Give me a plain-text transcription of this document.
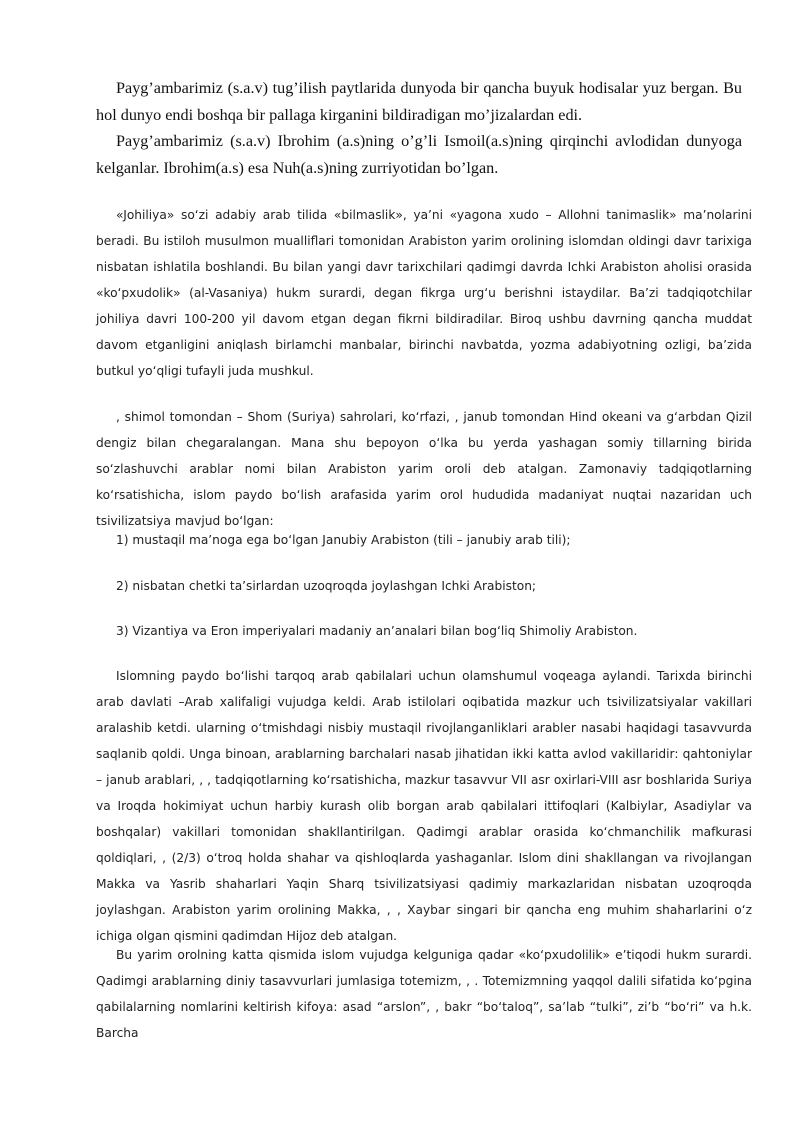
Payg’ambarimiz (s.a.v) tug’ilish paytlarida dunyoda bir qancha buyuk hodisalar yuz bergan. Bu hol dunyo endi boshqa bir pallaga kirganini bildiradigan mo’jizalardan edi.

Payg’ambarimiz (s.a.v) Ibrohim (a.s)ning o’g’li Ismoil(a.s)ning qirqinchi avlodidan dunyoga kelganlar. Ibrohim(a.s) esa Nuh(a.s)ning zurriyotidan bo’lgan.

«Johiliya» so‘zi adabiy arab tilida «bilmaslik», ya’ni «yagona xudo – Allohni tanimaslik» ma’nolarini beradi. Bu istiloh musulmon mualliflari tomonidan Arabiston yarim orolining islomdan oldingi davr tarixiga nisbatan ishlatila boshlandi. Bu bilan yangi davr tarixchilari qadimgi davrda Ichki Arabiston aholisi orasida «ko‘pxudolik» (al-Vasaniya) hukm surardi, degan fikrga urg‘u berishni istaydilar. Ba’zi tadqiqotchilar johiliya davri 100-200 yil davom etgan degan fikrni bildiradilar. Biroq ushbu davrning qancha muddat davom etganligini aniqlash birlamchi manbalar, birinchi navbatda, yozma adabiyotning ozligi, ba’zida butkul yo‘qligi tufayli juda mushkul.

, shimol tomondan – Shom (Suriya) sahrolari, ko‘rfazi, , janub tomondan Hind okeani va g‘arbdan Qizil dengiz bilan chegaralangan. Mana shu bepoyon o‘lka bu yerda yashagan somiy tillarning birida so‘zlashuvchi arablar nomi bilan Arabiston yarim oroli deb atalgan. Zamonaviy tadqiqotlarning ko‘rsatishicha, islom paydo bo‘lish arafasida yarim orol hududida madaniyat nuqtai nazaridan uch tsivilizatsiya mavjud bo‘lgan:

1) mustaqil ma’noga ega bo‘lgan Janubiy Arabiston (tili – janubiy arab tili);

2) nisbatan chetki ta’sirlardan uzoqroqda joylashgan Ichki Arabiston;

3) Vizantiya va Eron imperiyalari madaniy an’analari bilan bog‘liq Shimoliy Arabiston.

Islomning paydo bo‘lishi tarqoq arab qabilalari uchun olamshumul voqeaga aylandi. Tarixda birinchi arab davlati –Arab xalifaligi vujudga keldi. Arab istilolari oqibatida mazkur uch tsivilizatsiyalar vakillari aralashib ketdi. ularning o‘tmishdagi nisbiy mustaqil rivojlanganliklari arabler nasabi haqidagi tasavvurda saqlanib qoldi. Unga binoan, arablarning barchalari nasab jihatidan ikki katta avlod vakillaridir: qahtoniylar – janub arablari, , , tadqiqotlarning ko‘rsatishicha, mazkur tasavvur VII asr oxirlari-VIII asr boshlarida Suriya va Iroqda hokimiyat uchun harbiy kurash olib borgan arab qabilalari ittifoqlari (Kalbiylar, Asadiylar va boshqalar) vakillari tomonidan shakllantirilgan. Qadimgi arablar orasida ko‘chmanchilik mafkurasi qoldiqlari, , (2/3) o‘troq holda shahar va qishloqlarda yashaganlar. Islom dini shakllangan va rivojlangan Makka va Yasrib shaharlari Yaqin Sharq tsivilizatsiyasi qadimiy markazlaridan nisbatan uzoqroqda joylashgan. Arabiston yarim orolining Makka, , , Xaybar singari bir qancha eng muhim shaharlarini o‘z ichiga olgan qismini qadimdan Hijoz deb atalgan.

Bu yarim orolning katta qismida islom vujudga kelguniga qadar «ko‘pxudolilik» e’tiqodi hukm surardi. Qadimgi arablarning diniy tasavvurlari jumlasiga totemizm, , . Totemizmning yaqqol dalili sifatida ko‘pgina qabilalarning nomlarini keltirish kifoya: asad “arslon”, , bakr “bo‘taloq”, sa’lab “tulki”, zi’b “bo‘ri” va h.k. Barcha
